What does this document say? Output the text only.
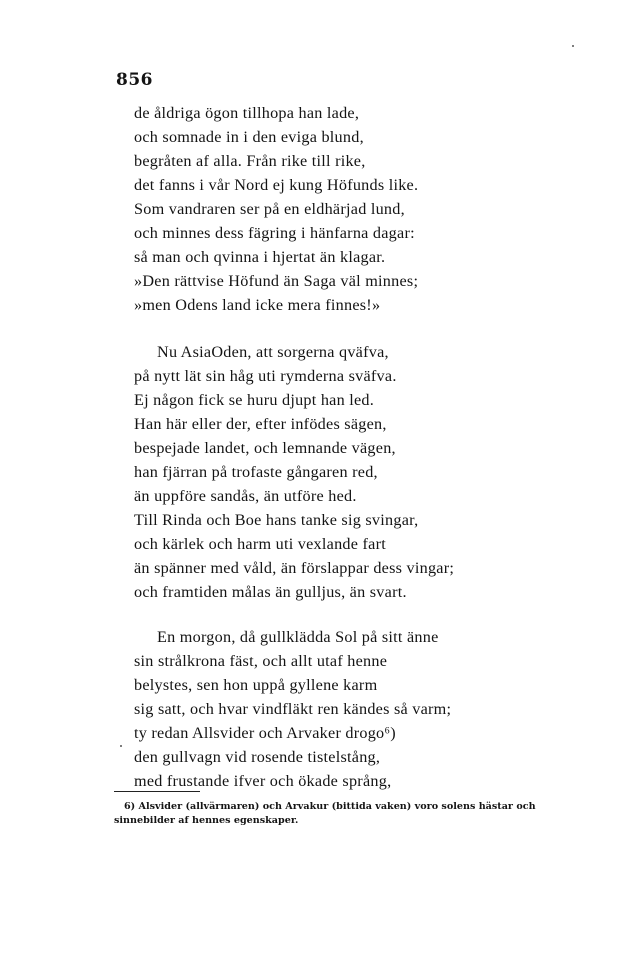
856
de åldriga ögon tillhopa han lade,
och somnade in i den eviga blund,
begråten af alla. Från rike till rike,
det fanns i vår Nord ej kung Höfunds like.
Som vandraren ser på en eldhärjad lund,
och minnes dess fägring i hänfarna dagar:
så man och qvinna i hjertat än klagar.
»Den rättvise Höfund än Saga väl minnes;
»men Odens land icke mera finnes!»
Nu AsiaOden, att sorgerna qväfva,
på nytt lät sin håg uti rymderna sväfva.
Ej någon fick se huru djupt han led.
Han här eller der, efter infödes sägen,
bespejade landet, och lemnande vägen,
han fjärran på trofaste gångaren red,
än uppföre sandås, än utföre hed.
Till Rinda och Boe hans tanke sig svingar,
och kärlek och harm uti vexlande fart
än spänner med våld, än förslappar dess vingar;
och framtiden målas än gulljus, än svart.
En morgon, då gullklädda Sol på sitt änne
sin strålkrona fäst, och allt utaf henne
belystes, sen hon uppå gyllene karm
sig satt, och hvar vindfläkt ren kändes så varm;
ty redan Allsvider och Arvaker drogo⁶)
den gullvagn vid rosende tistelstång,
med frustande ifver och ökade språng,
6) Alsvider (allvärmaren) och Arvakur (bittida vaken) voro solens hästar och sinnebilder af hennes egenskaper.
